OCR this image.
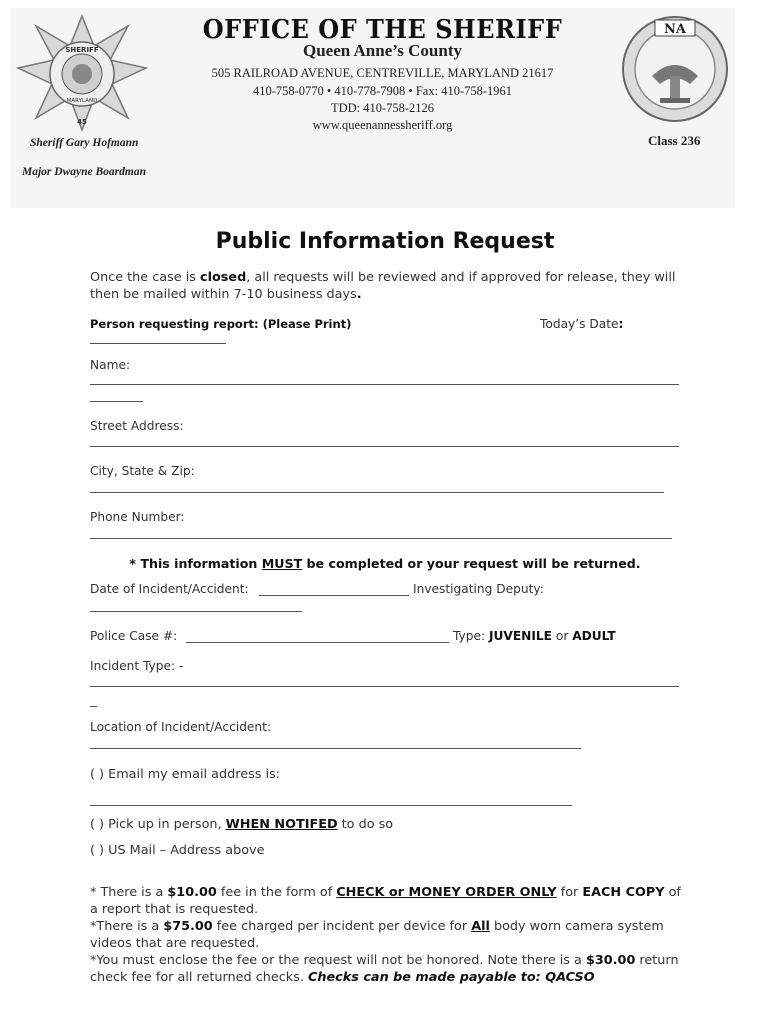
SHERIFF
MARYLAND
45
OFFICE OF THE SHERIFF
Queen Anne’s County
505 RAILROAD AVENUE, CENTREVILLE, MARYLAND 21617
410-758-0770 • 410-778-7908 • Fax: 410-758-1961
TDD: 410-758-2126
www.queenannessheriff.org
NA
Sheriff Gary Hofmann
Major Dwayne Boardman
Class 236
Public Information Request
Once the case is closed, all requests will be reviewed and if approved for release, they will then be mailed within 7-10 business days.
Person requesting report: (Please Print)	Today’s Date:
Name:
Street Address:
City, State & Zip:
Phone Number:
* This information MUST be completed or your request will be returned.
Date of Incident/Accident:	Investigating Deputy:
Police Case #:	Type: JUVENILE or ADULT
Incident Type: -
Location of Incident/Accident:
( ) Email my email address is:
( ) Pick up in person, WHEN NOTIFED to do so
( ) US Mail – Address above
* There is a $10.00 fee in the form of CHECK or MONEY ORDER ONLY for EACH COPY of a report that is requested.
*There is a $75.00 fee charged per incident per device for All body worn camera system videos that are requested.
*You must enclose the fee or the request will not be honored. Note there is a $30.00 return check fee for all returned checks. Checks can be made payable to: QACSO
